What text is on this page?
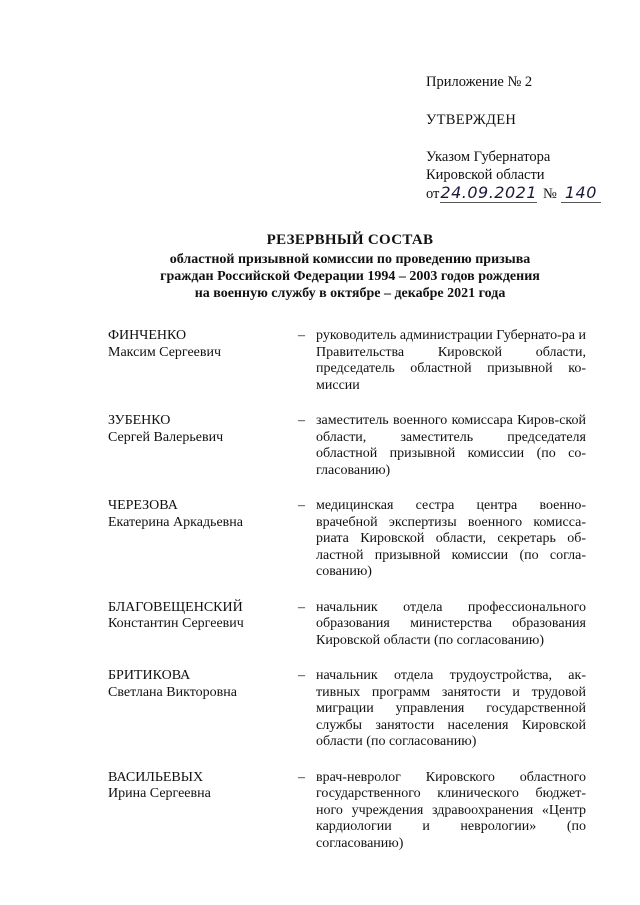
Приложение № 2
УТВЕРЖДЕН
Указом Губернатора
Кировской области
от 24.09.2021 № 140
РЕЗЕРВНЫЙ СОСТАВ
областной призывной комиссии по проведению призыва
граждан Российской Федерации 1994 – 2003 годов рождения
на военную службу в октябре – декабре 2021 года
ФИНЧЕНКО
Максим Сергеевич
– руководитель администрации Губернато-ра и Правительства Кировской области, председатель областной призывной ко-миссии
ЗУБЕНКО
Сергей Валерьевич
– заместитель военного комиссара Киров-ской области, заместитель председателя областной призывной комиссии (по со-гласованию)
ЧЕРЕЗОВА
Екатерина Аркадьевна
– медицинская сестра центра военно-врачебной экспертизы военного комисса-риата Кировской области, секретарь об-ластной призывной комиссии (по согла-сованию)
БЛАГОВЕЩЕНСКИЙ
Константин Сергеевич
– начальник отдела профессионального образования министерства образования Кировской области (по согласованию)
БРИТИКОВА
Светлана Викторовна
– начальник отдела трудоустройства, ак-тивных программ занятости и трудовой миграции управления государственной службы занятости населения Кировской области (по согласованию)
ВАСИЛЬЕВЫХ
Ирина Сергеевна
– врач-невролог Кировского областного государственного клинического бюджет-ного учреждения здравоохранения «Центр кардиологии и неврологии» (по согласованию)
